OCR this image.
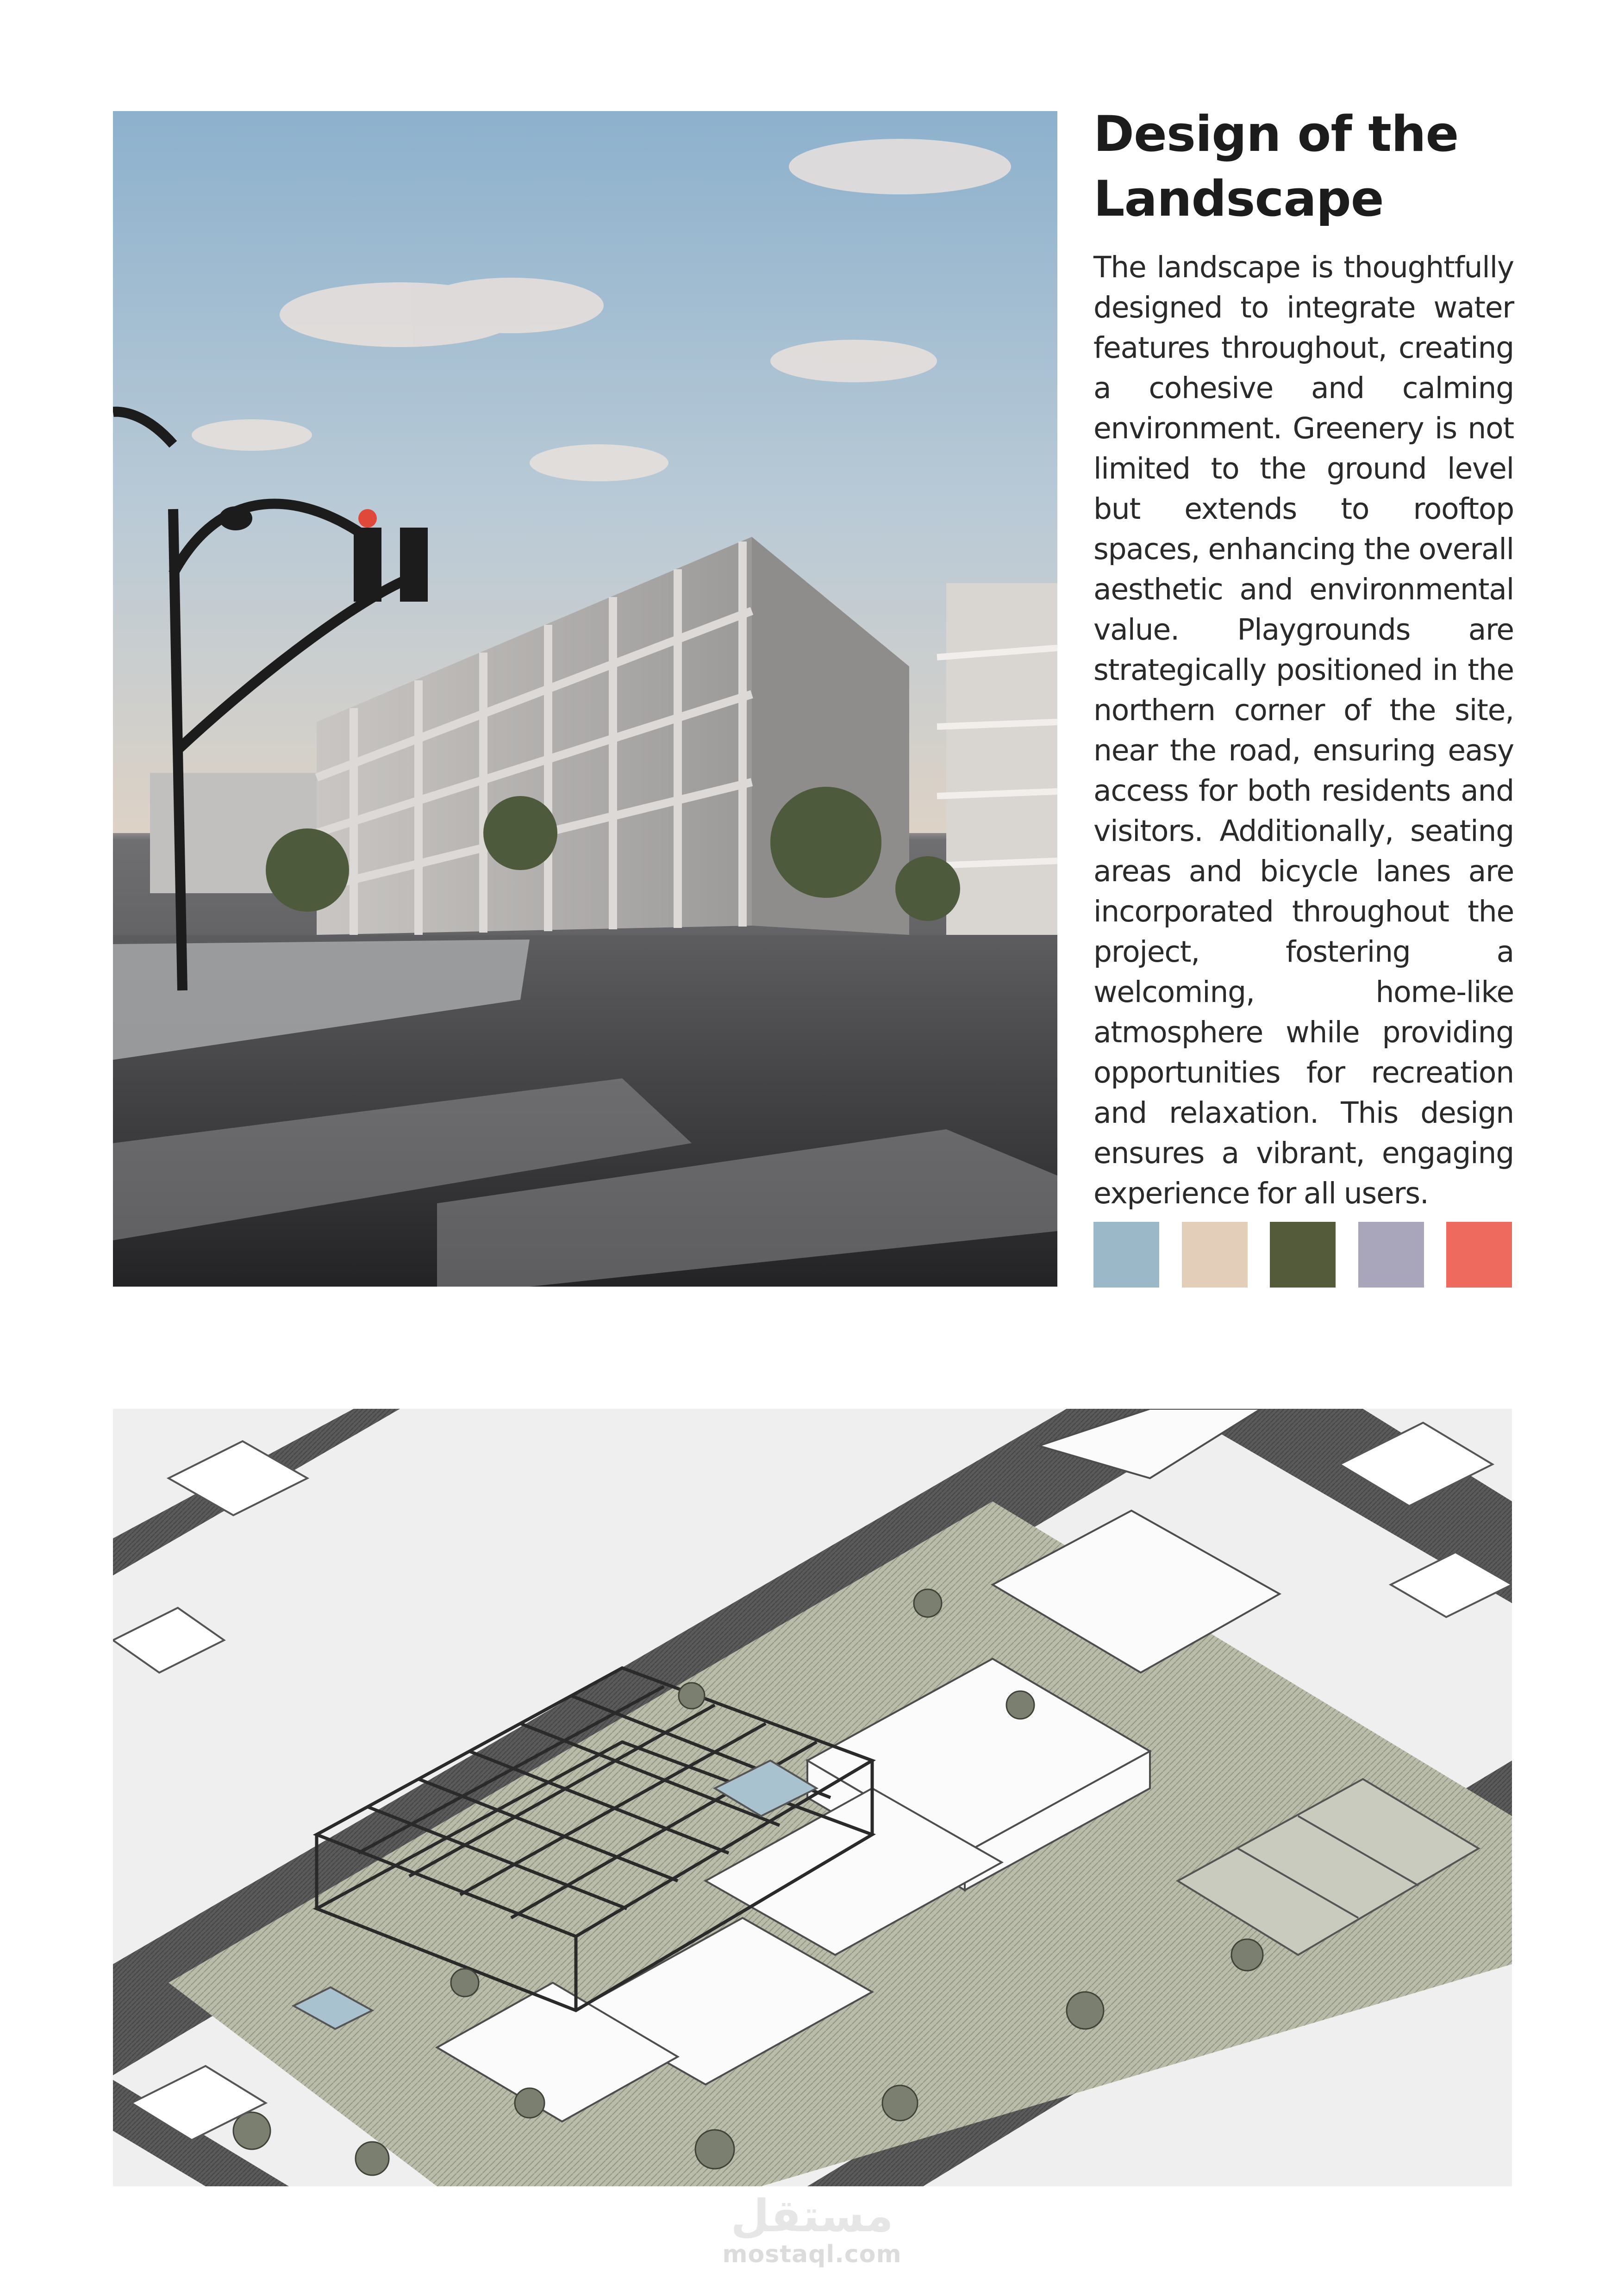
Design of the Landscape

The landscape is thoughtfully designed to integrate water features throughout, creating a cohesive and calming environment. Greenery is not limited to the ground level but extends to rooftop spaces, enhancing the overall aesthetic and environmental value. Playgrounds are strategically positioned in the northern corner of the site, near the road, ensuring easy access for both residents and visitors. Additionally, seating areas and bicycle lanes are incorporated throughout the project, fostering a welcoming, home-like atmosphere while providing opportunities for recreation and relaxation. This design ensures a vibrant, engaging experience for all users.

مستقل
mostaql.com
